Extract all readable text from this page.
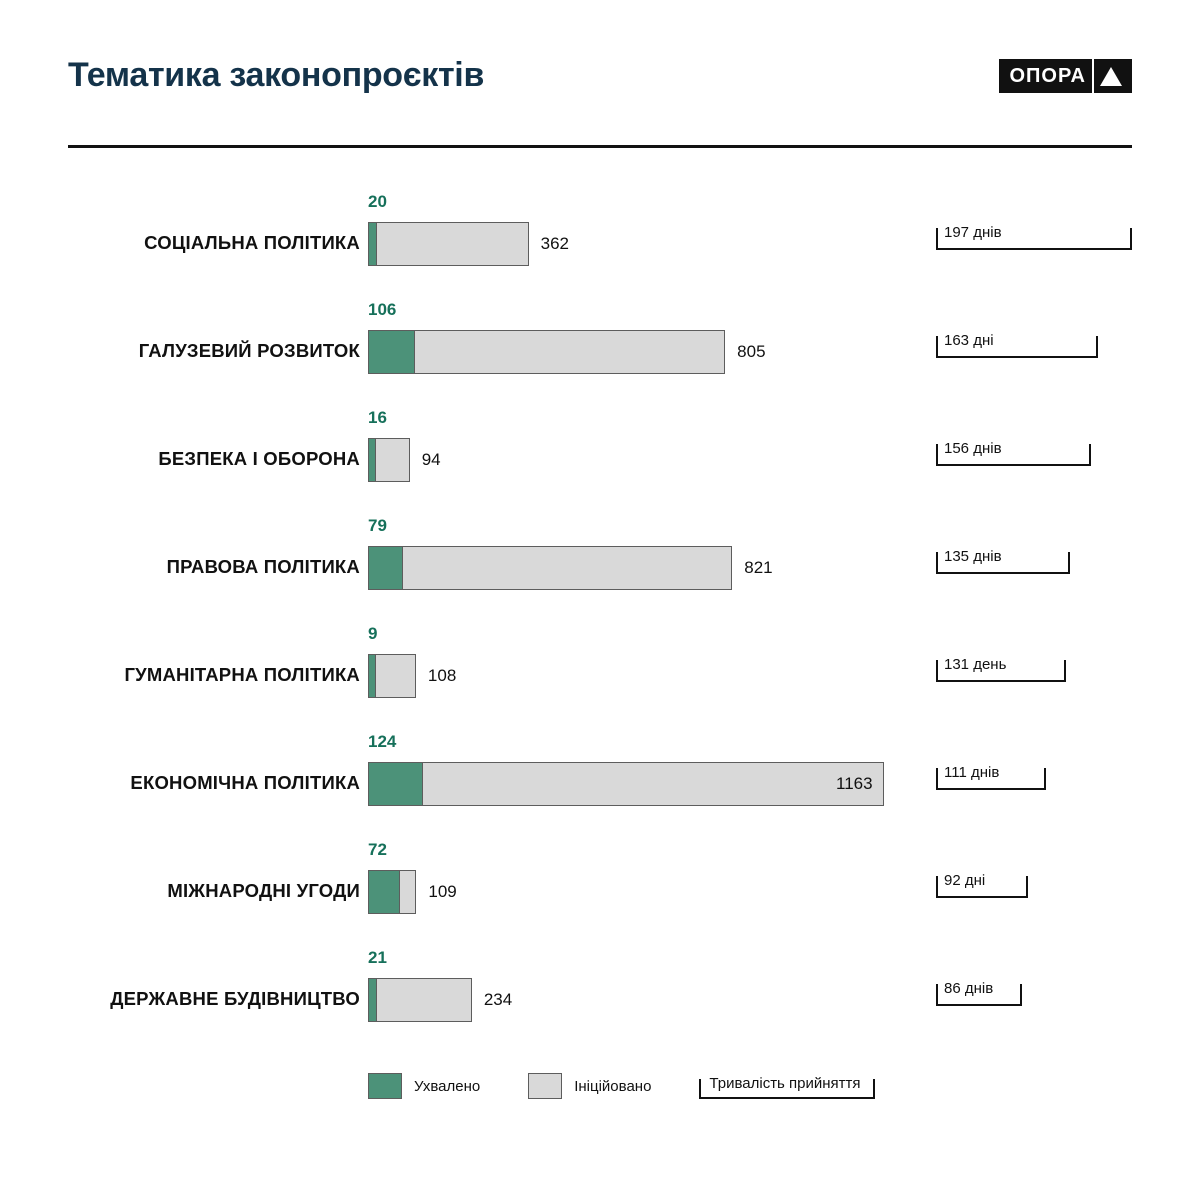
Тематика законопроєктів	ОПОРА
СОЦІАЛЬНА ПОЛІТИКА
20
362
197 днів
ГАЛУЗЕВИЙ РОЗВИТОК
106
805
163 дні
БЕЗПЕКА І ОБОРОНА
16
94
156 днів
ПРАВОВА ПОЛІТИКА
79
821
135 днів
ГУМАНІТАРНА ПОЛІТИКА
9
108
131 день
ЕКОНОМІЧНА ПОЛІТИКА
124
1163
111 днів
МІЖНАРОДНІ УГОДИ
72
109
92 дні
ДЕРЖАВНЕ БУДІВНИЦТВО
21
234
86 днів
Ухвалено	Ініційовано	Тривалість прийняття
